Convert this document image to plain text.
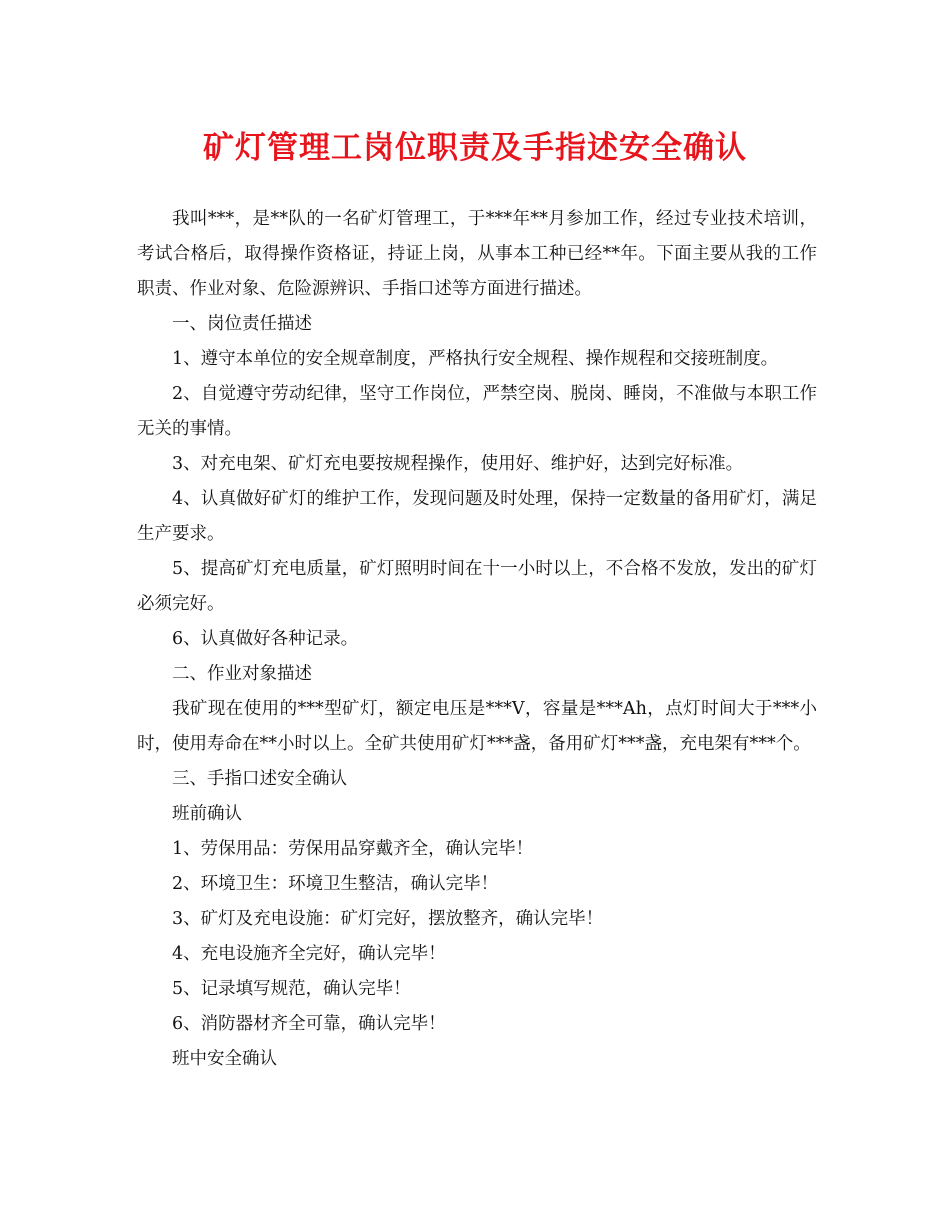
矿灯管理工岗位职责及手指述安全确认

我叫***，是**队的一名矿灯管理工，于***年**月参加工作，经过专业技术培训，考试合格后，取得操作资格证，持证上岗，从事本工种已经**年。下面主要从我的工作职责、作业对象、危险源辨识、手指口述等方面进行描述。

一、岗位责任描述

1、遵守本单位的安全规章制度，严格执行安全规程、操作规程和交接班制度。

2、自觉遵守劳动纪律，坚守工作岗位，严禁空岗、脱岗、睡岗，不准做与本职工作无关的事情。

3、对充电架、矿灯充电要按规程操作，使用好、维护好，达到完好标准。

4、认真做好矿灯的维护工作，发现问题及时处理，保持一定数量的备用矿灯，满足生产要求。

5、提高矿灯充电质量，矿灯照明时间在十一小时以上，不合格不发放，发出的矿灯必须完好。

6、认真做好各种记录。

二、作业对象描述

我矿现在使用的***型矿灯，额定电压是***V，容量是***Ah，点灯时间大于***小时，使用寿命在**小时以上。全矿共使用矿灯***盏，备用矿灯***盏，充电架有***个。

三、手指口述安全确认

班前确认

1、劳保用品：劳保用品穿戴齐全，确认完毕！

2、环境卫生：环境卫生整洁，确认完毕！

3、矿灯及充电设施：矿灯完好，摆放整齐，确认完毕！

4、充电设施齐全完好，确认完毕！

5、记录填写规范，确认完毕！

6、消防器材齐全可靠，确认完毕！

班中安全确认
